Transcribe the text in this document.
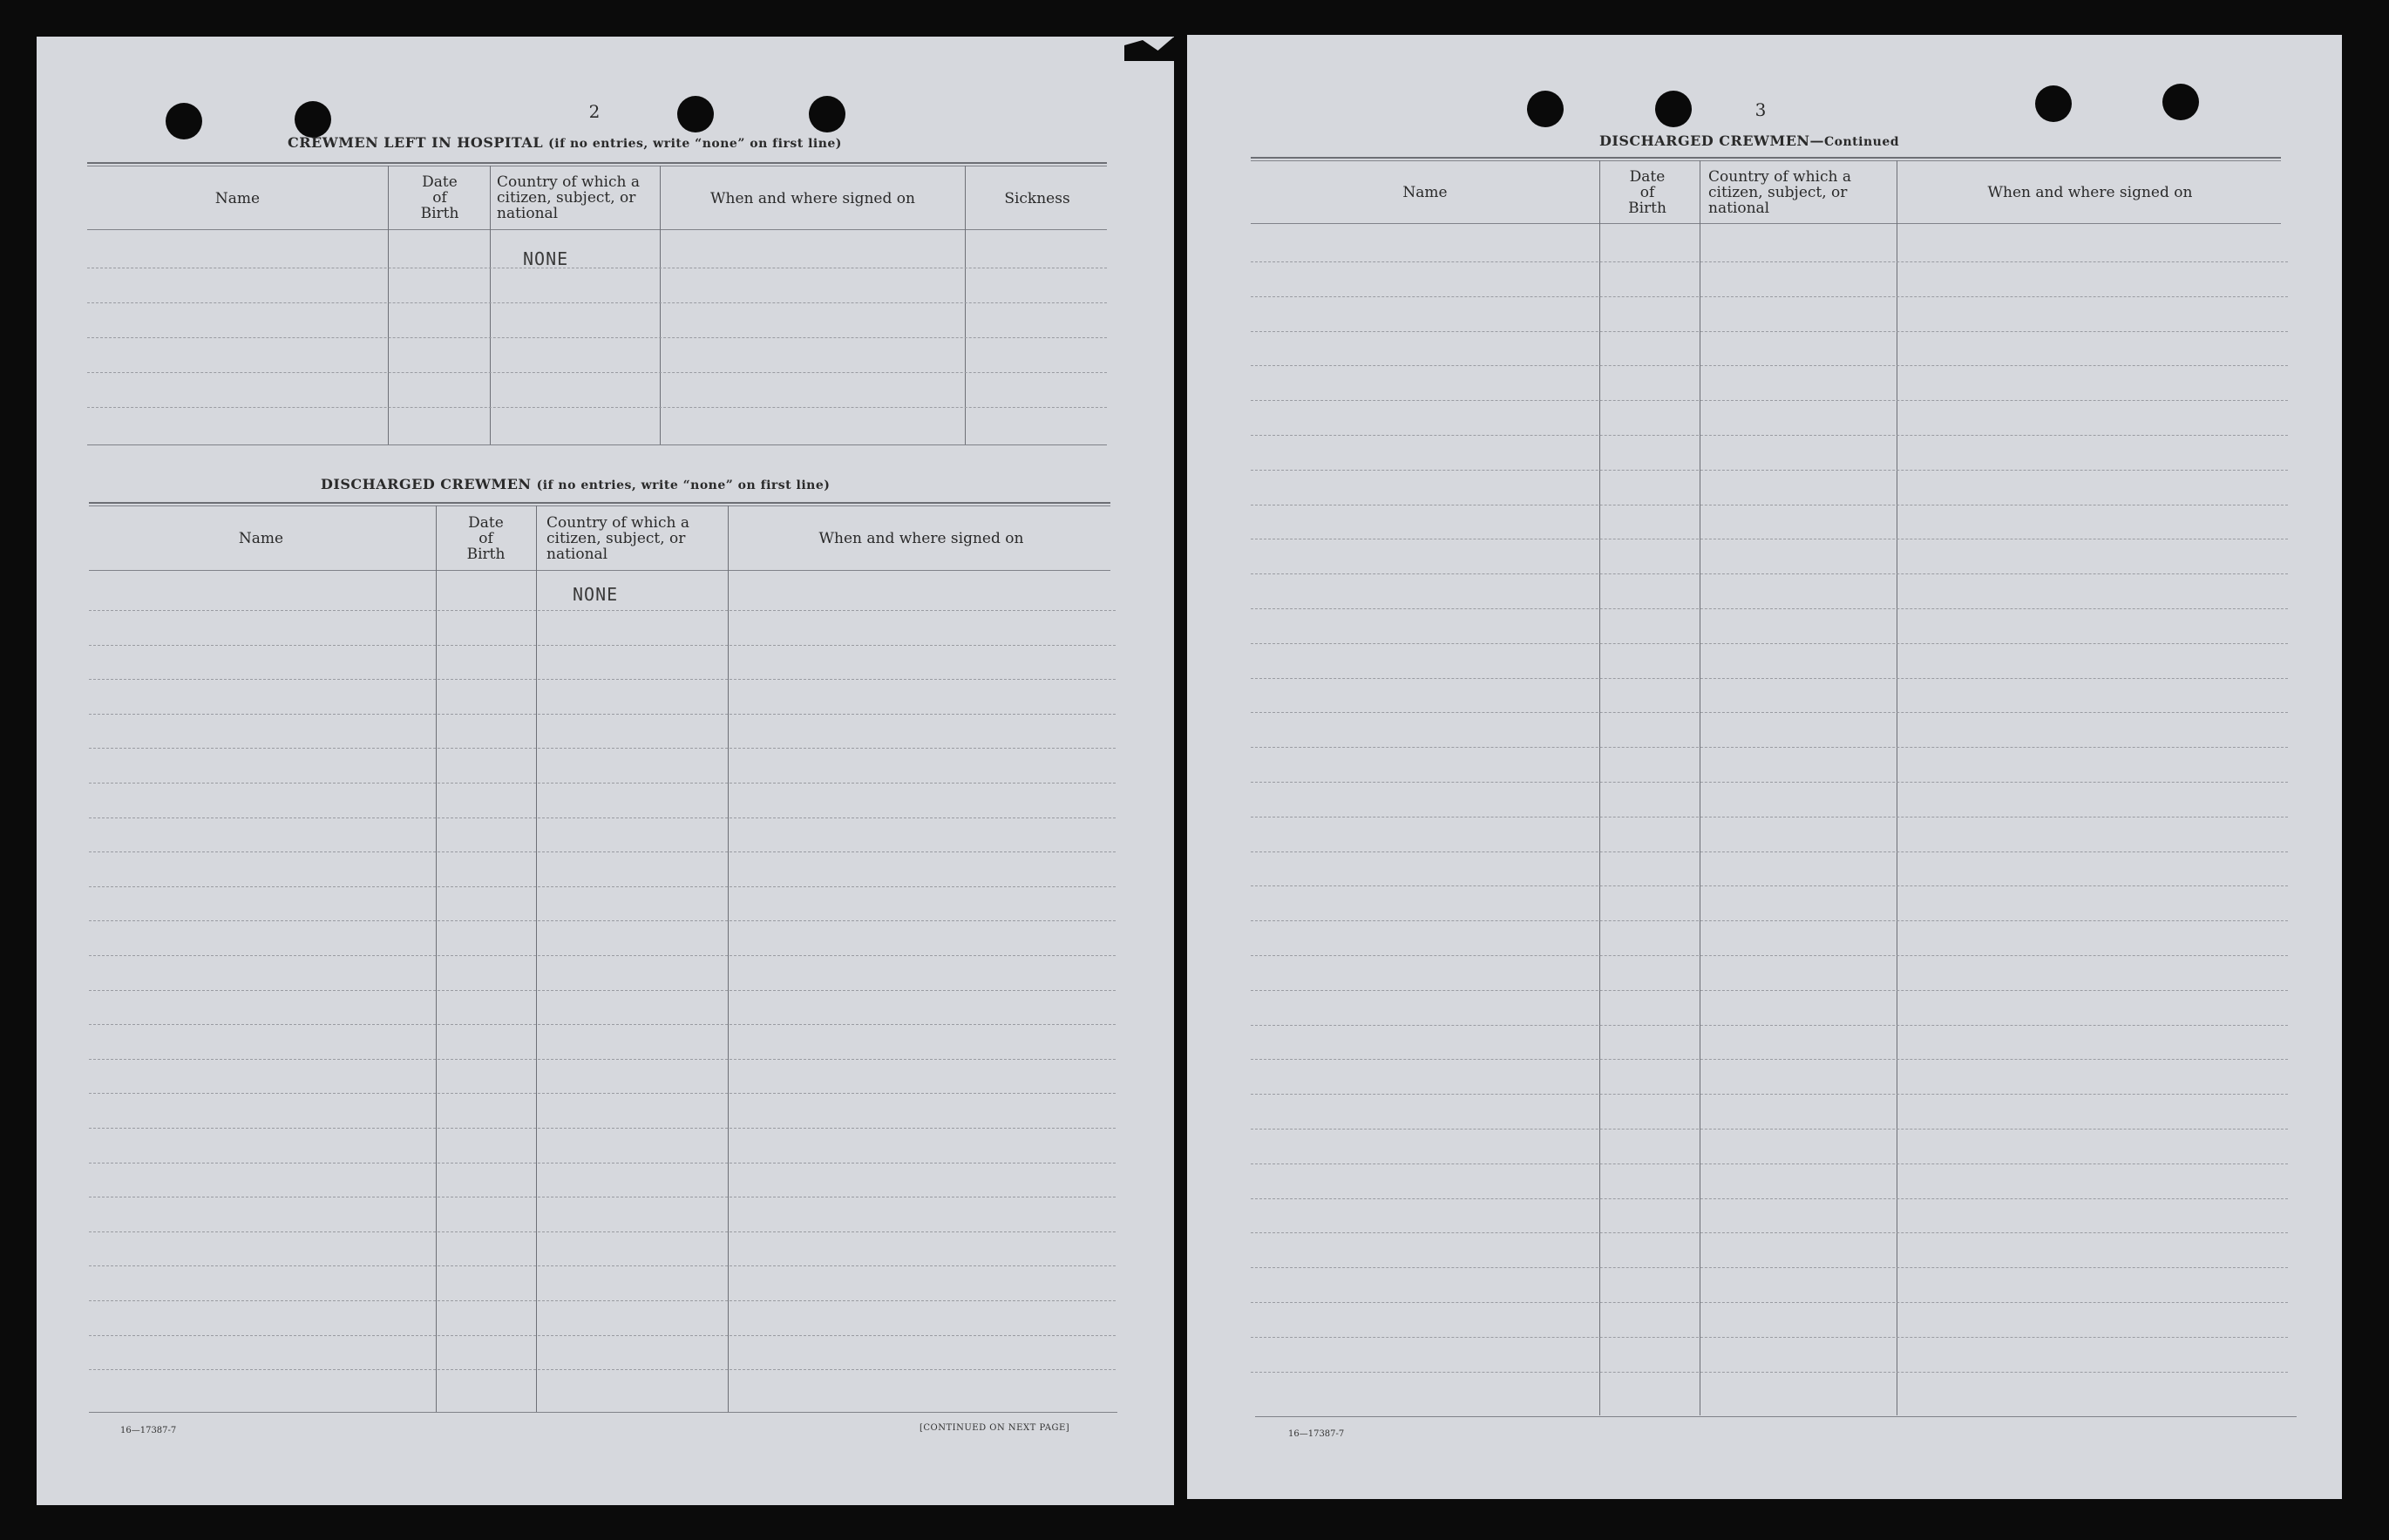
2
CREWMEN LEFT IN HOSPITAL (if no entries, write “none” on first line)
Name
Date
of
Birth
Country of which a
citizen, subject, or
national
When and where signed on	Sickness
NONE
DISCHARGED CREWMEN (if no entries, write “none” on first line)
Name
Date
of
Birth
Country of which a
citizen, subject, or
national
When and where signed on
NONE
16—17387-7	[CONTINUED ON NEXT PAGE]
3
DISCHARGED CREWMEN—Continued
Name
Date
of
Birth
Country of which a
citizen, subject, or
national
When and where signed on
16—17387-7
